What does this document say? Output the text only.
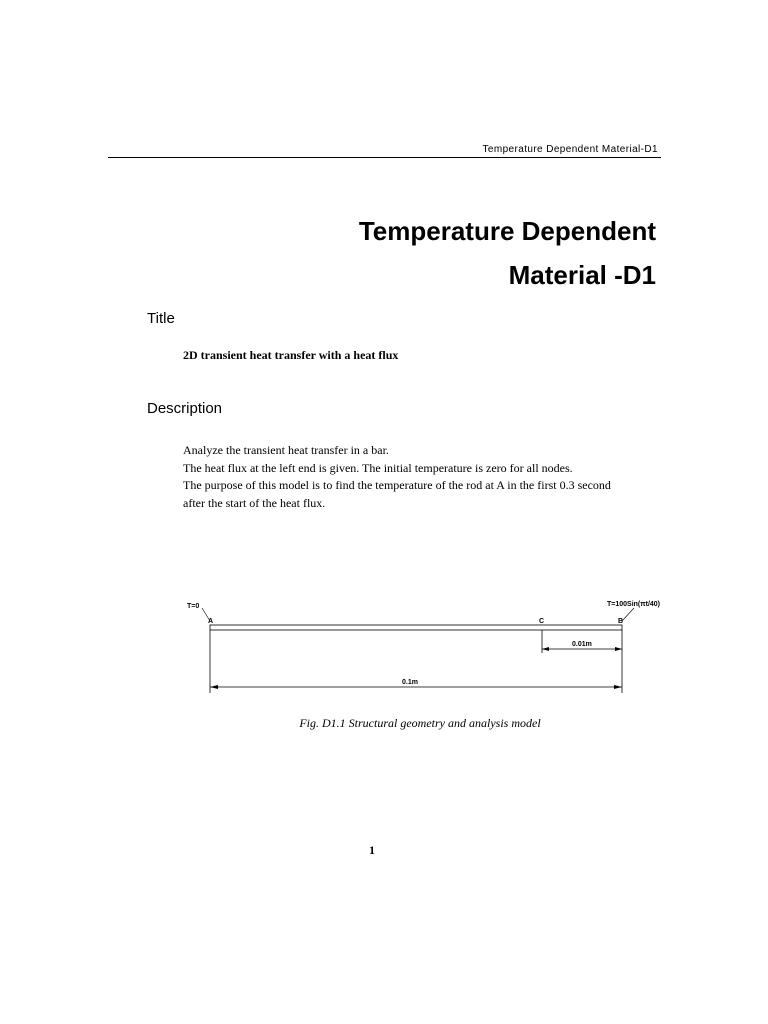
Temperature Dependent Material-D1
Temperature Dependent
Material -D1
Title
2D transient heat transfer with a heat flux
Description
Analyze the transient heat transfer in a bar.
The heat flux at the left end is given. The initial temperature is zero for all nodes.
The purpose of this model is to find the temperature of the rod at A in the first 0.3 second
after the start of the heat flux.
T=0	T=100Sin(πt/40)
A	C	B
0.01m
0.1m
Fig. D1.1 Structural geometry and analysis model
1
